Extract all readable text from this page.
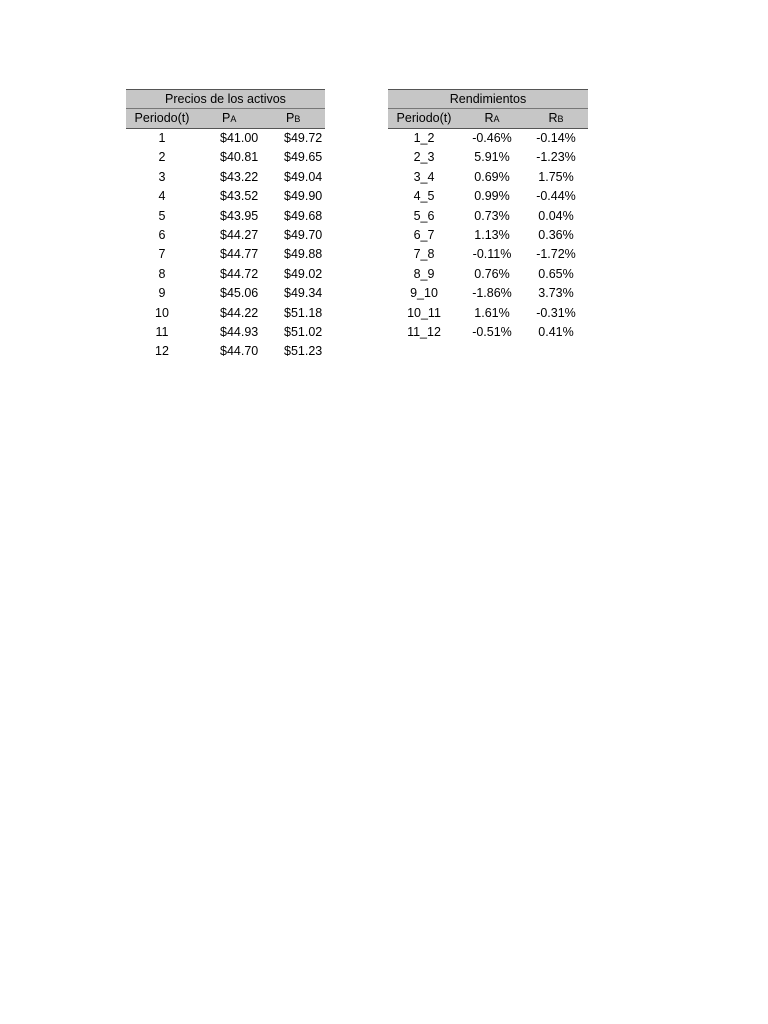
Precios de los activos
Periodo(t)	PA	PB
1	$41.00	$49.72
2	$40.81	$49.65
3	$43.22	$49.04
4	$43.52	$49.90
5	$43.95	$49.68
6	$44.27	$49.70
7	$44.77	$49.88
8	$44.72	$49.02
9	$45.06	$49.34
10	$44.22	$51.18
11	$44.93	$51.02
12	$44.70	$51.23
Rendimientos
Periodo(t)	RA	RB
1_2	-0.46%	-0.14%
2_3	5.91%	-1.23%
3_4	0.69%	1.75%
4_5	0.99%	-0.44%
5_6	0.73%	0.04%
6_7	1.13%	0.36%
7_8	-0.11%	-1.72%
8_9	0.76%	0.65%
9_10	-1.86%	3.73%
10_11	1.61%	-0.31%
11_12	-0.51%	0.41%
